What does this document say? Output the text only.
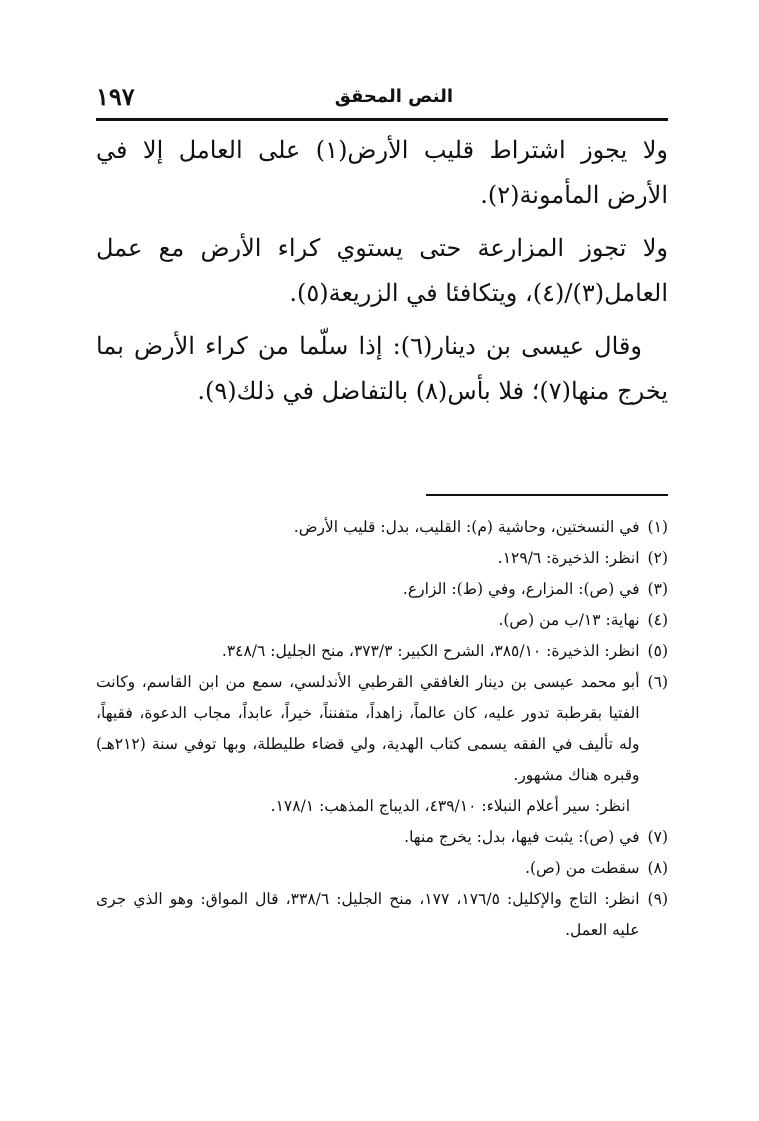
النص المحقق
١٩٧

ولا يجوز اشتراط قليب الأرض(١) على العامل إلا في الأرض المأمونة(٢).

ولا تجوز المزارعة حتى يستوي كراء الأرض مع عمل العامل(٣)/(٤)، ويتكافئا في الزريعة(٥).

وقال عيسى بن دينار(٦): إذا سلّما من كراء الأرض بما يخرج منها(٧)؛ فلا بأس(٨) بالتفاضل في ذلك(٩).

(١)
في النسختين، وحاشية (م): القليب، بدل: قليب الأرض.
(٢)
انظر: الذخيرة: ١٢٩/٦.
(٣)
في (ص): المزارع، وفي (ط): الزارع.
(٤)
نهاية: ١٣/ب من (ص).
(٥)
انظر: الذخيرة: ٣٨٥/١٠، الشرح الكبير: ٣٧٣/٣، منح الجليل: ٣٤٨/٦.
(٦)
أبو محمد عيسى بن دينار الغافقي القرطبي الأندلسي، سمع من ابن القاسم، وكانت الفتيا بقرطبة تدور عليه، كان عالماً، زاهداً، متفنناً، خيراً، عابداً، مجاب الدعوة، فقيهاً، وله تأليف في الفقه يسمى كتاب الهدية، ولي قضاء طليطلة، وبها توفي سنة (٢١٢هـ) وقبره هناك مشهور.
انظر: سير أعلام النبلاء: ٤٣٩/١٠، الديباج المذهب: ١٧٨/١.
(٧)
في (ص): يثبت فيها، بدل: يخرج منها.
(٨)
سقطت من (ص).
(٩)
انظر: التاج والإكليل: ١٧٦/٥، ١٧٧، منح الجليل: ٣٣٨/٦، قال المواق: وهو الذي جرى عليه العمل.
